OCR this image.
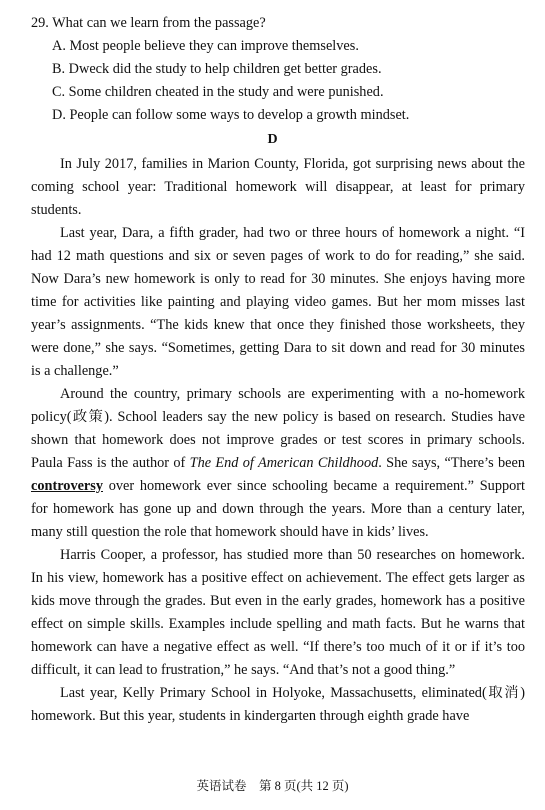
29. What can we learn from the passage?
A. Most people believe they can improve themselves.
B. Dweck did the study to help children get better grades.
C. Some children cheated in the study and were punished.
D. People can follow some ways to develop a growth mindset.
D

In July 2017, families in Marion County, Florida, got surprising news about the coming school year: Traditional homework will disappear, at least for primary students.

Last year, Dara, a fifth grader, had two or three hours of homework a night. “I had 12 math questions and six or seven pages of work to do for reading,” she said. Now Dara’s new homework is only to read for 30 minutes. She enjoys having more time for activities like painting and playing video games. But her mom misses last year’s assignments. “The kids knew that once they finished those worksheets, they were done,” she says. “Sometimes, getting Dara to sit down and read for 30 minutes is a challenge.”

Around the country, primary schools are experimenting with a no-homework policy(政策). School leaders say the new policy is based on research. Studies have shown that homework does not improve grades or test scores in primary schools. Paula Fass is the author of The End of American Childhood. She says, “There’s been controversy over homework ever since schooling became a requirement.” Support for homework has gone up and down through the years. More than a century later, many still question the role that homework should have in kids’ lives.

Harris Cooper, a professor, has studied more than 50 researches on homework. In his view, homework has a positive effect on achievement. The effect gets larger as kids move through the grades. But even in the early grades, homework has a positive effect on simple skills. Examples include spelling and math facts. But he warns that homework can have a negative effect as well. “If there’s too much of it or if it’s too difficult, it can lead to frustration,” he says. “And that’s not a good thing.”

Last year, Kelly Primary School in Holyoke, Massachusetts, eliminated(取消) homework. But this year, students in kindergarten through eighth grade have

英语试卷　第 8 页(共 12 页)
